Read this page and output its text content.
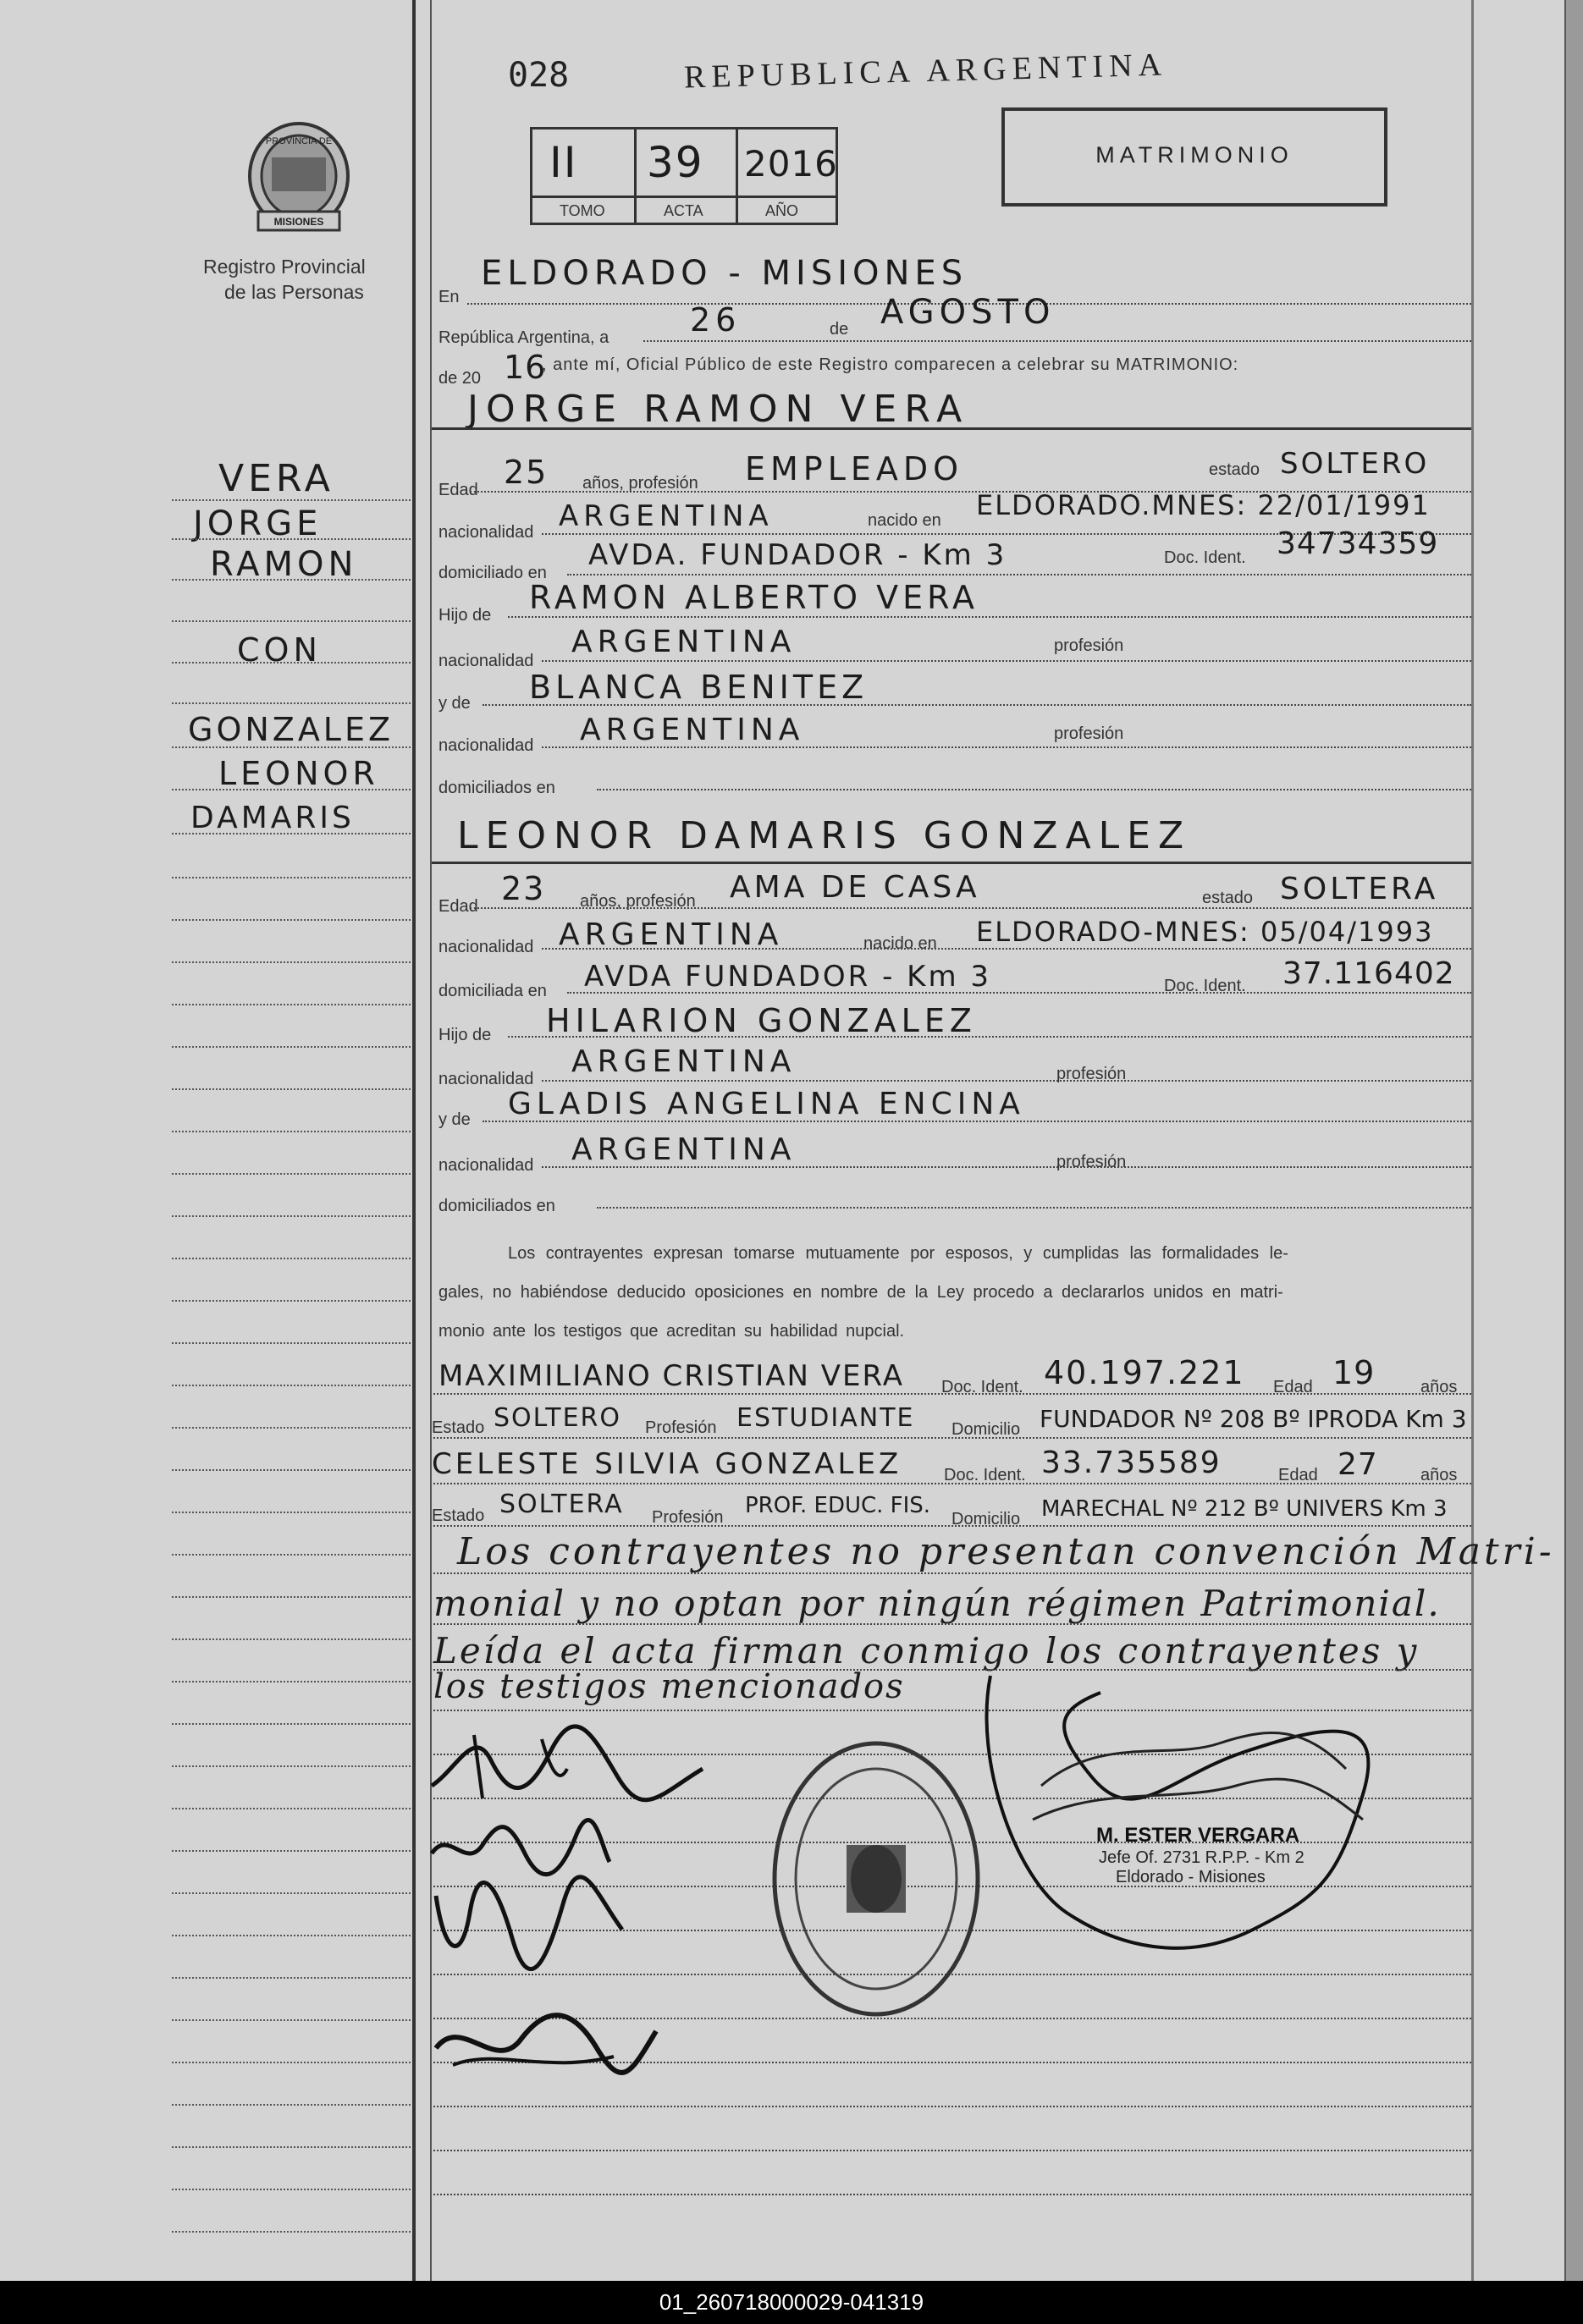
PROVINCIA DE
MISIONES
Registro Provincial
de las Personas
028	REPUBLICA ARGENTINA
MATRIMONIO
II 39 2016
TOMO	ACTA	AÑO
VERA
JORGE
RAMON
CON
GONZALEZ
LEONOR
DAMARIS
En
ELDORADO - MISIONES
República Argentina, a	26	de AGOSTO
de 20 16
, ante mí, Oficial Público de este Registro comparecen a celebrar su MATRIMONIO:
JORGE RAMON VERA
Edad 25 años, profesión EMPLEADO	estado SOLTERO
nacionalidad ARGENTINA	nacido en ELDORADO.MNES: 22/01/1991
domiciliado en
AVDA. FUNDADOR - Km 3	Doc. Ident. 34734359
Hijo de RAMON ALBERTO VERA
nacionalidad
ARGENTINA	profesión
y de BLANCA BENITEZ
nacionalidad ARGENTINA	profesión
domiciliados en
LEONOR DAMARIS GONZALEZ
Edad 23 años, profesión AMA DE CASA	estado SOLTERA
nacionalidad ARGENTINA	nacido en ELDORADO-MNES: 05/04/1993
domiciliada en AVDA FUNDADOR - Km 3	Doc. Ident. 37.116402
Hijo de HILARION GONZALEZ
nacionalidad ARGENTINA	profesión
y de GLADIS ANGELINA ENCINA
nacionalidad ARGENTINA	profesión
domiciliados en
Los contrayentes expresan tomarse mutuamente por esposos, y cumplidas las formalidades le-
gales, no habiéndose deducido oposiciones en nombre de la Ley procedo a declararlos unidos en matri-
monio ante los testigos que acreditan su habilidad nupcial.
MAXIMILIANO CRISTIAN VERA Doc. Ident. 40.197.221 Edad 19	años
Estado SOLTERO Profesión ESTUDIANTE Domicilio FUNDADOR Nº 208 Bº IPRODA Km 3
CELESTE SILVIA GONZALEZ Doc. Ident. 33.735589	Edad 27	años
Estado SOLTERA Profesión PROF. EDUC. FIS.
Domicilio MARECHAL Nº 212 Bº UNIVERS Km 3
Los contrayentes no presentan convención Matri-
monial y no optan por ningún régimen Patrimonial.
Leída el acta firman conmigo los contrayentes y
los testigos mencionados
M. ESTER VERGARA
Jefe Of. 2731 R.P.P. - Km 2
Eldorado - Misiones
01_260718000029-041319
